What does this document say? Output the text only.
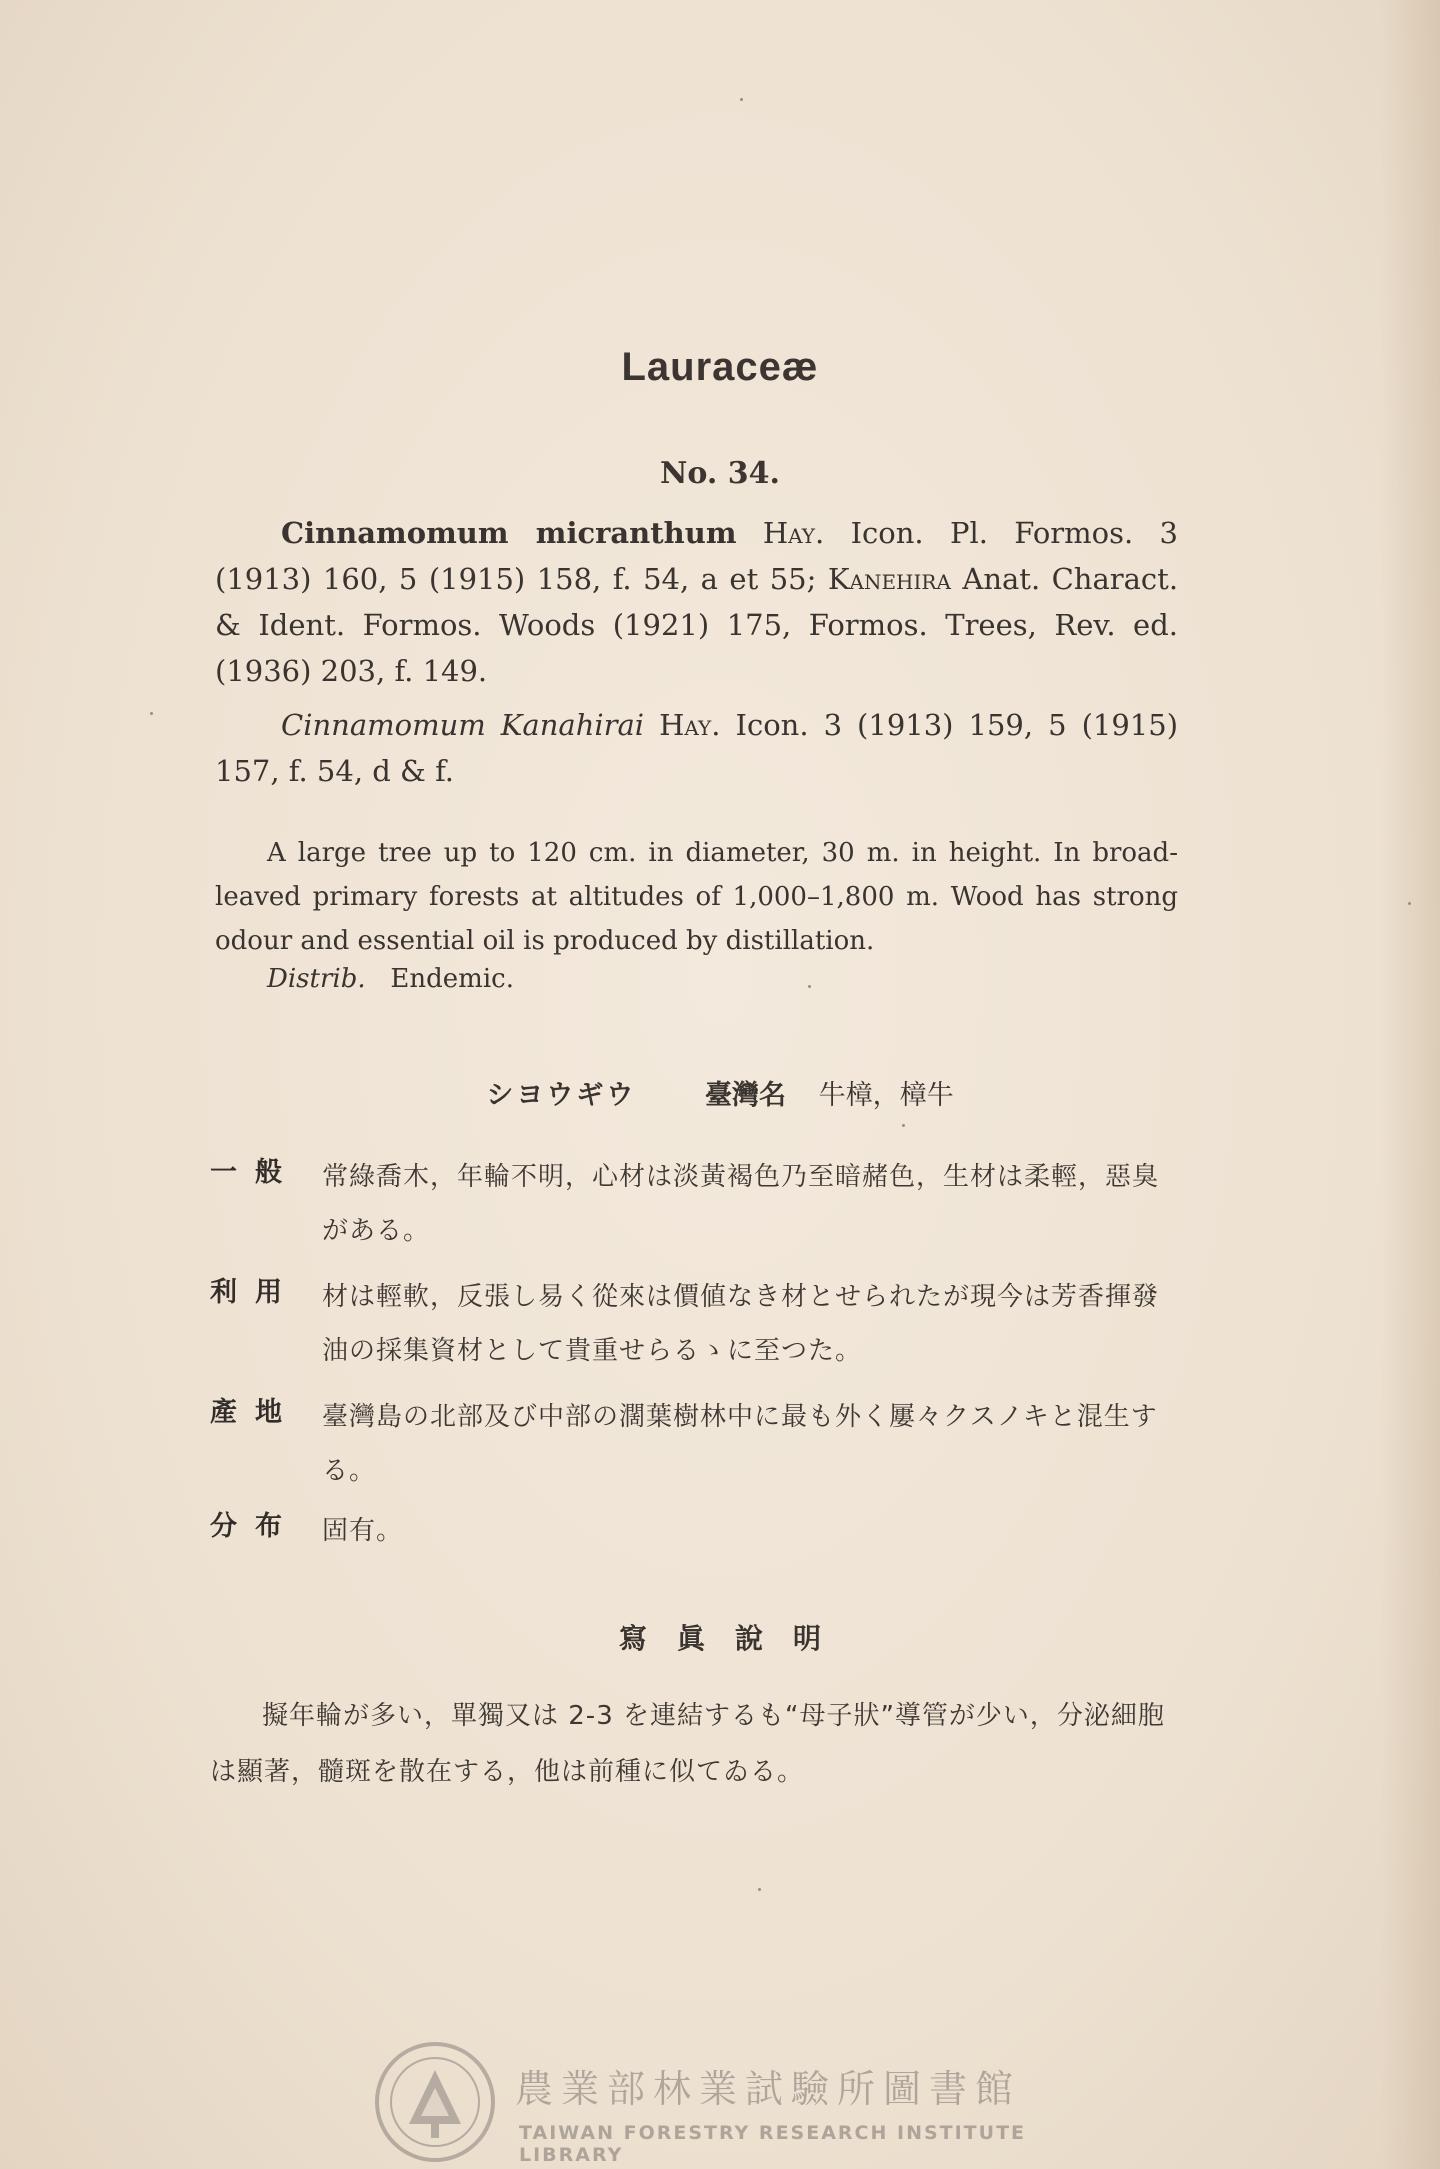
Lauraceæ
No. 34.
Cinnamomum micranthum Hay. Icon. Pl. Formos. 3 (1913) 160, 5 (1915) 158, f. 54, a et 55; Kanehira Anat. Charact. & Ident. Formos. Woods (1921) 175, Formos. Trees, Rev. ed. (1936) 203, f. 149.
Cinnamomum Kanahirai Hay. Icon. 3 (1913) 159, 5 (1915) 157, f. 54, d & f.
A large tree up to 120 cm. in diameter, 30 m. in height. In broad-leaved primary forests at altitudes of 1,000–1,800 m. Wood has strong odour and essential oil is produced by distillation.
Distrib. Endemic.
シヨウギウ	臺灣名 牛樟，樟牛
一般 常綠喬木，年輪不明，心材は淡黃褐色乃至暗赭色，生材は柔輕，惡臭がある。
利用 材は輕軟，反張し易く從來は價値なき材とせられたが現今は芳香揮發油の採集資材として貴重せらるゝに至つた。
產地 臺灣島の北部及び中部の濶葉樹林中に最も外く屢々クスノキと混生する。
分布 固有。
寫眞說明
擬年輪が多い，單獨又は 2-3 を連結するも“母子狀”導管が少い，分泌細胞は顯著，髓斑を散在する，他は前種に似てゐる。
農業部林業試驗所圖書館
TAIWAN FORESTRY RESEARCH INSTITUTE LIBRARY
